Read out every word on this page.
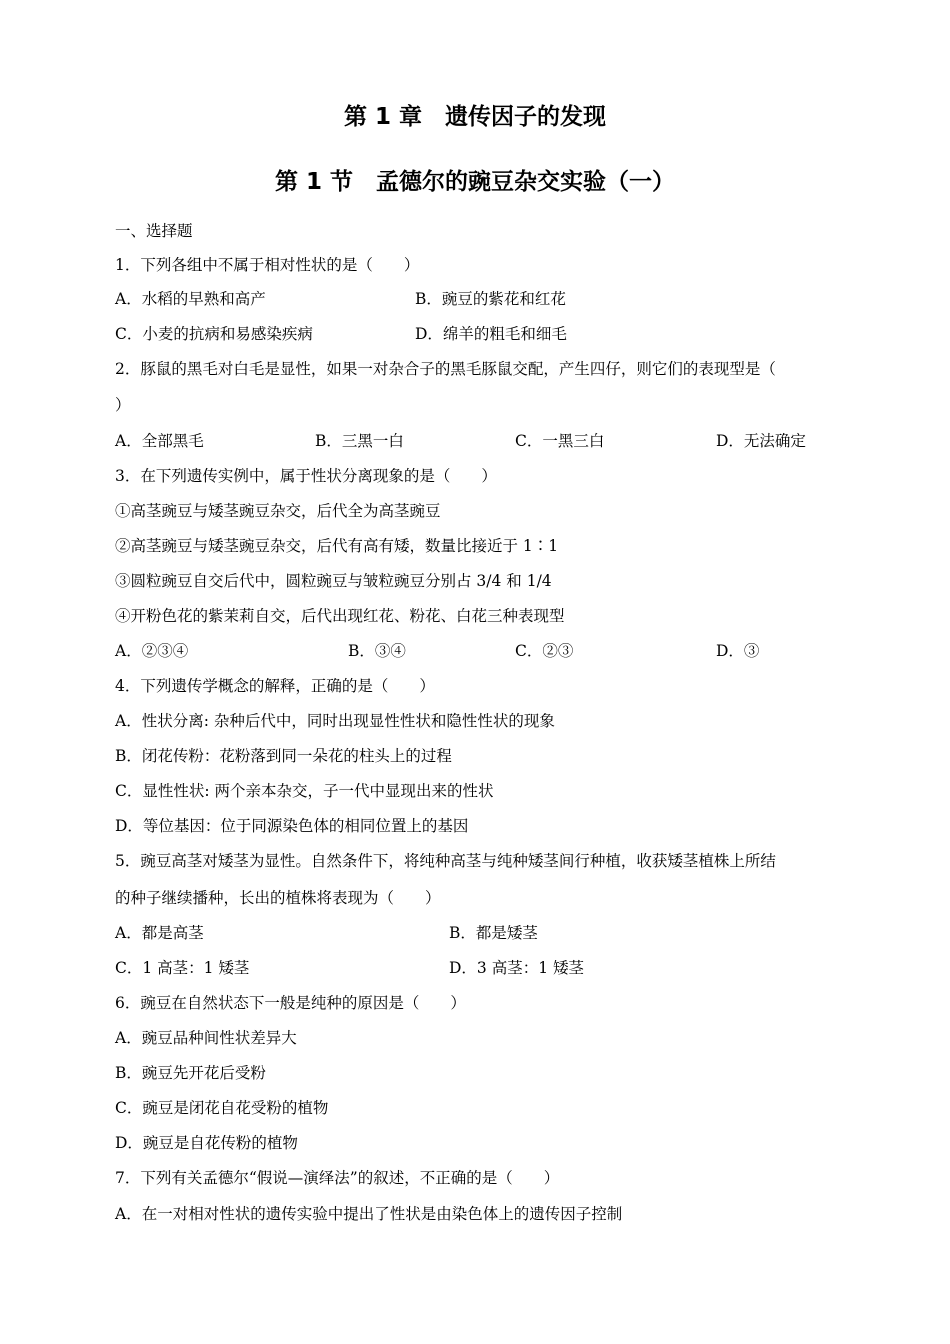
第 1 章　遗传因子的发现
第 1 节　孟德尔的豌豆杂交实验（一）
一、选择题
1．下列各组中不属于相对性状的是（　　）
A．水稻的早熟和高产	B．豌豆的紫花和红花
C．小麦的抗病和易感染疾病	D．绵羊的粗毛和细毛
2．豚鼠的黑毛对白毛是显性，如果一对杂合子的黑毛豚鼠交配，产生四仔，则它们的表现型是（
）
A．全部黑毛	B．三黑一白	C．一黑三白	D．无法确定
3．在下列遗传实例中，属于性状分离现象的是（　　）
①高茎豌豆与矮茎豌豆杂交，后代全为高茎豌豆
②高茎豌豆与矮茎豌豆杂交，后代有高有矮，数量比接近于 1∶1
③圆粒豌豆自交后代中，圆粒豌豆与皱粒豌豆分别占 3/4 和 1/4
④开粉色花的紫茉莉自交，后代出现红花、粉花、白花三种表现型
A．②③④	B．③④	C．②③	D．③
4．下列遗传学概念的解释，正确的是（　　）
A．性状分离: 杂种后代中，同时出现显性性状和隐性性状的现象
B．闭花传粉：花粉落到同一朵花的柱头上的过程
C．显性性状: 两个亲本杂交，子一代中显现出来的性状
D．等位基因：位于同源染色体的相同位置上的基因
5．豌豆高茎对矮茎为显性。自然条件下，将纯种高茎与纯种矮茎间行种植，收获矮茎植株上所结
的种子继续播种，长出的植株将表现为（　　）
A．都是高茎	B．都是矮茎
C．1 高茎：1 矮茎	D．3 高茎：1 矮茎
6．豌豆在自然状态下一般是纯种的原因是（　　）
A．豌豆品种间性状差异大
B．豌豆先开花后受粉
C．豌豆是闭花自花受粉的植物
D．豌豆是自花传粉的植物
7．下列有关孟德尔“假说—演绎法”的叙述，不正确的是（　　）
A．在一对相对性状的遗传实验中提出了性状是由染色体上的遗传因子控制
